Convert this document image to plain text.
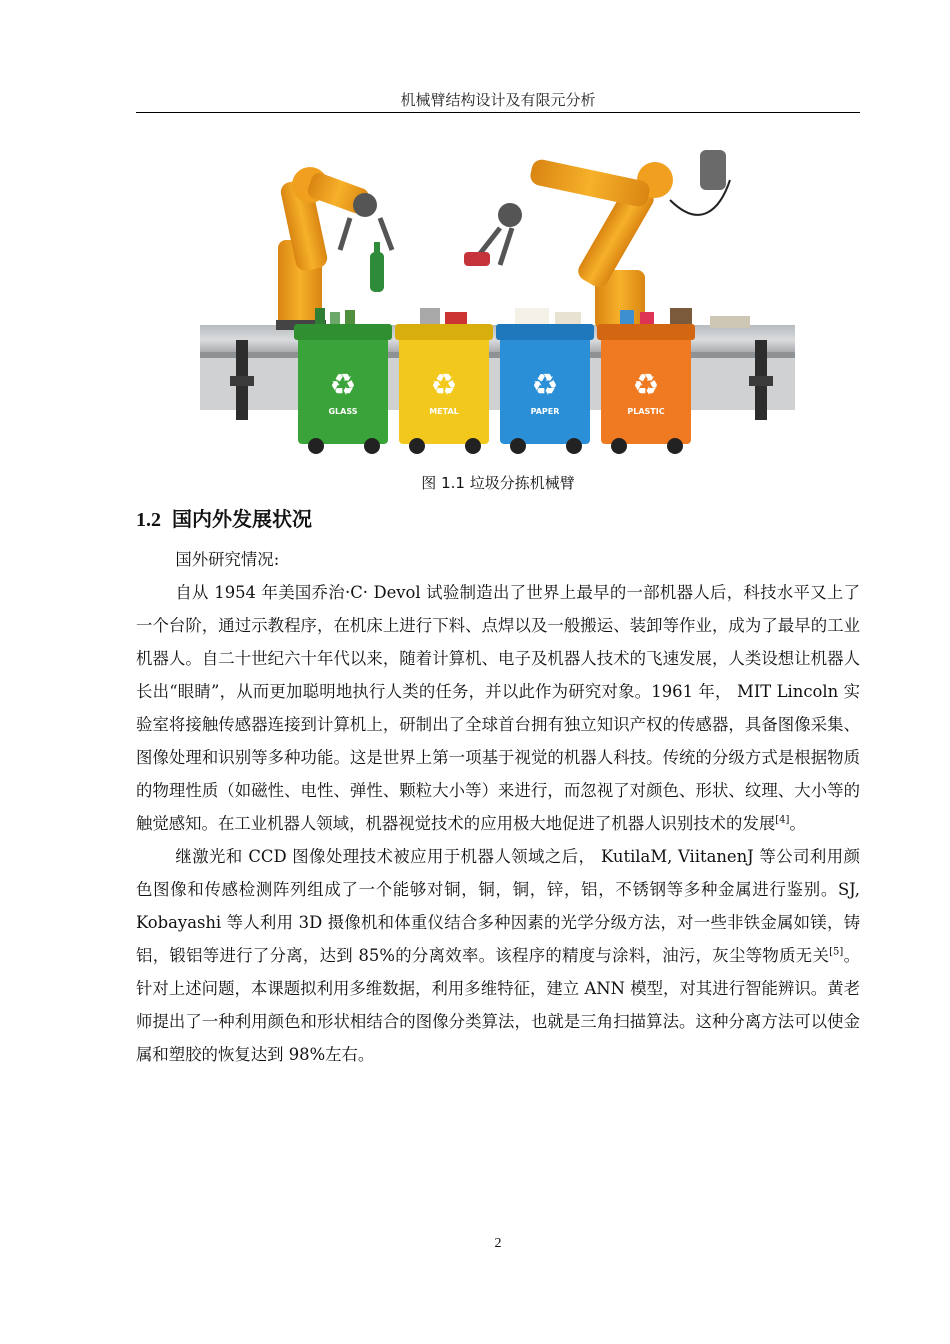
机械臂结构设计及有限元分析
♻
GLASS
♻
METAL
♻
PAPER
♻
PLASTIC
图 1.1 垃圾分拣机械臂
1.2 国内外发展状况

国外研究情况:

自从 1954 年美国乔治·C· Devol 试验制造出了世界上最早的一部机器人后，科技水平又上了一个台阶，通过示教程序，在机床上进行下料、点焊以及一般搬运、装卸等作业，成为了最早的工业机器人。自二十世纪六十年代以来，随着计算机、电子及机器人技术的飞速发展，人类设想让机器人长出“眼睛”，从而更加聪明地执行人类的任务，并以此作为研究对象。1961 年， MIT Lincoln 实验室将接触传感器连接到计算机上，研制出了全球首台拥有独立知识产权的传感器，具备图像采集、图像处理和识别等多种功能。这是世界上第一项基于视觉的机器人科技。传统的分级方式是根据物质的物理性质（如磁性、电性、弹性、颗粒大小等）来进行，而忽视了对颜色、形状、纹理、大小等的触觉感知。在工业机器人领域，机器视觉技术的应用极大地促进了机器人识别技术的发展[4]。

继激光和 CCD 图像处理技术被应用于机器人领域之后， KutilaM, ViitanenJ 等公司利用颜色图像和传感检测阵列组成了一个能够对铜，铜，铜，锌，铝，不锈钢等多种金属进行鉴别。SJ, Kobayashi 等人利用 3D 摄像机和体重仪结合多种因素的光学分级方法，对一些非铁金属如镁，铸铝，锻铝等进行了分离，达到 85%的分离效率。该程序的精度与涂料，油污，灰尘等物质无关[5]。针对上述问题，本课题拟利用多维数据，利用多维特征，建立 ANN 模型，对其进行智能辨识。黄老师提出了一种利用颜色和形状相结合的图像分类算法，也就是三角扫描算法。这种分离方法可以使金属和塑胶的恢复达到 98%左右。

2
